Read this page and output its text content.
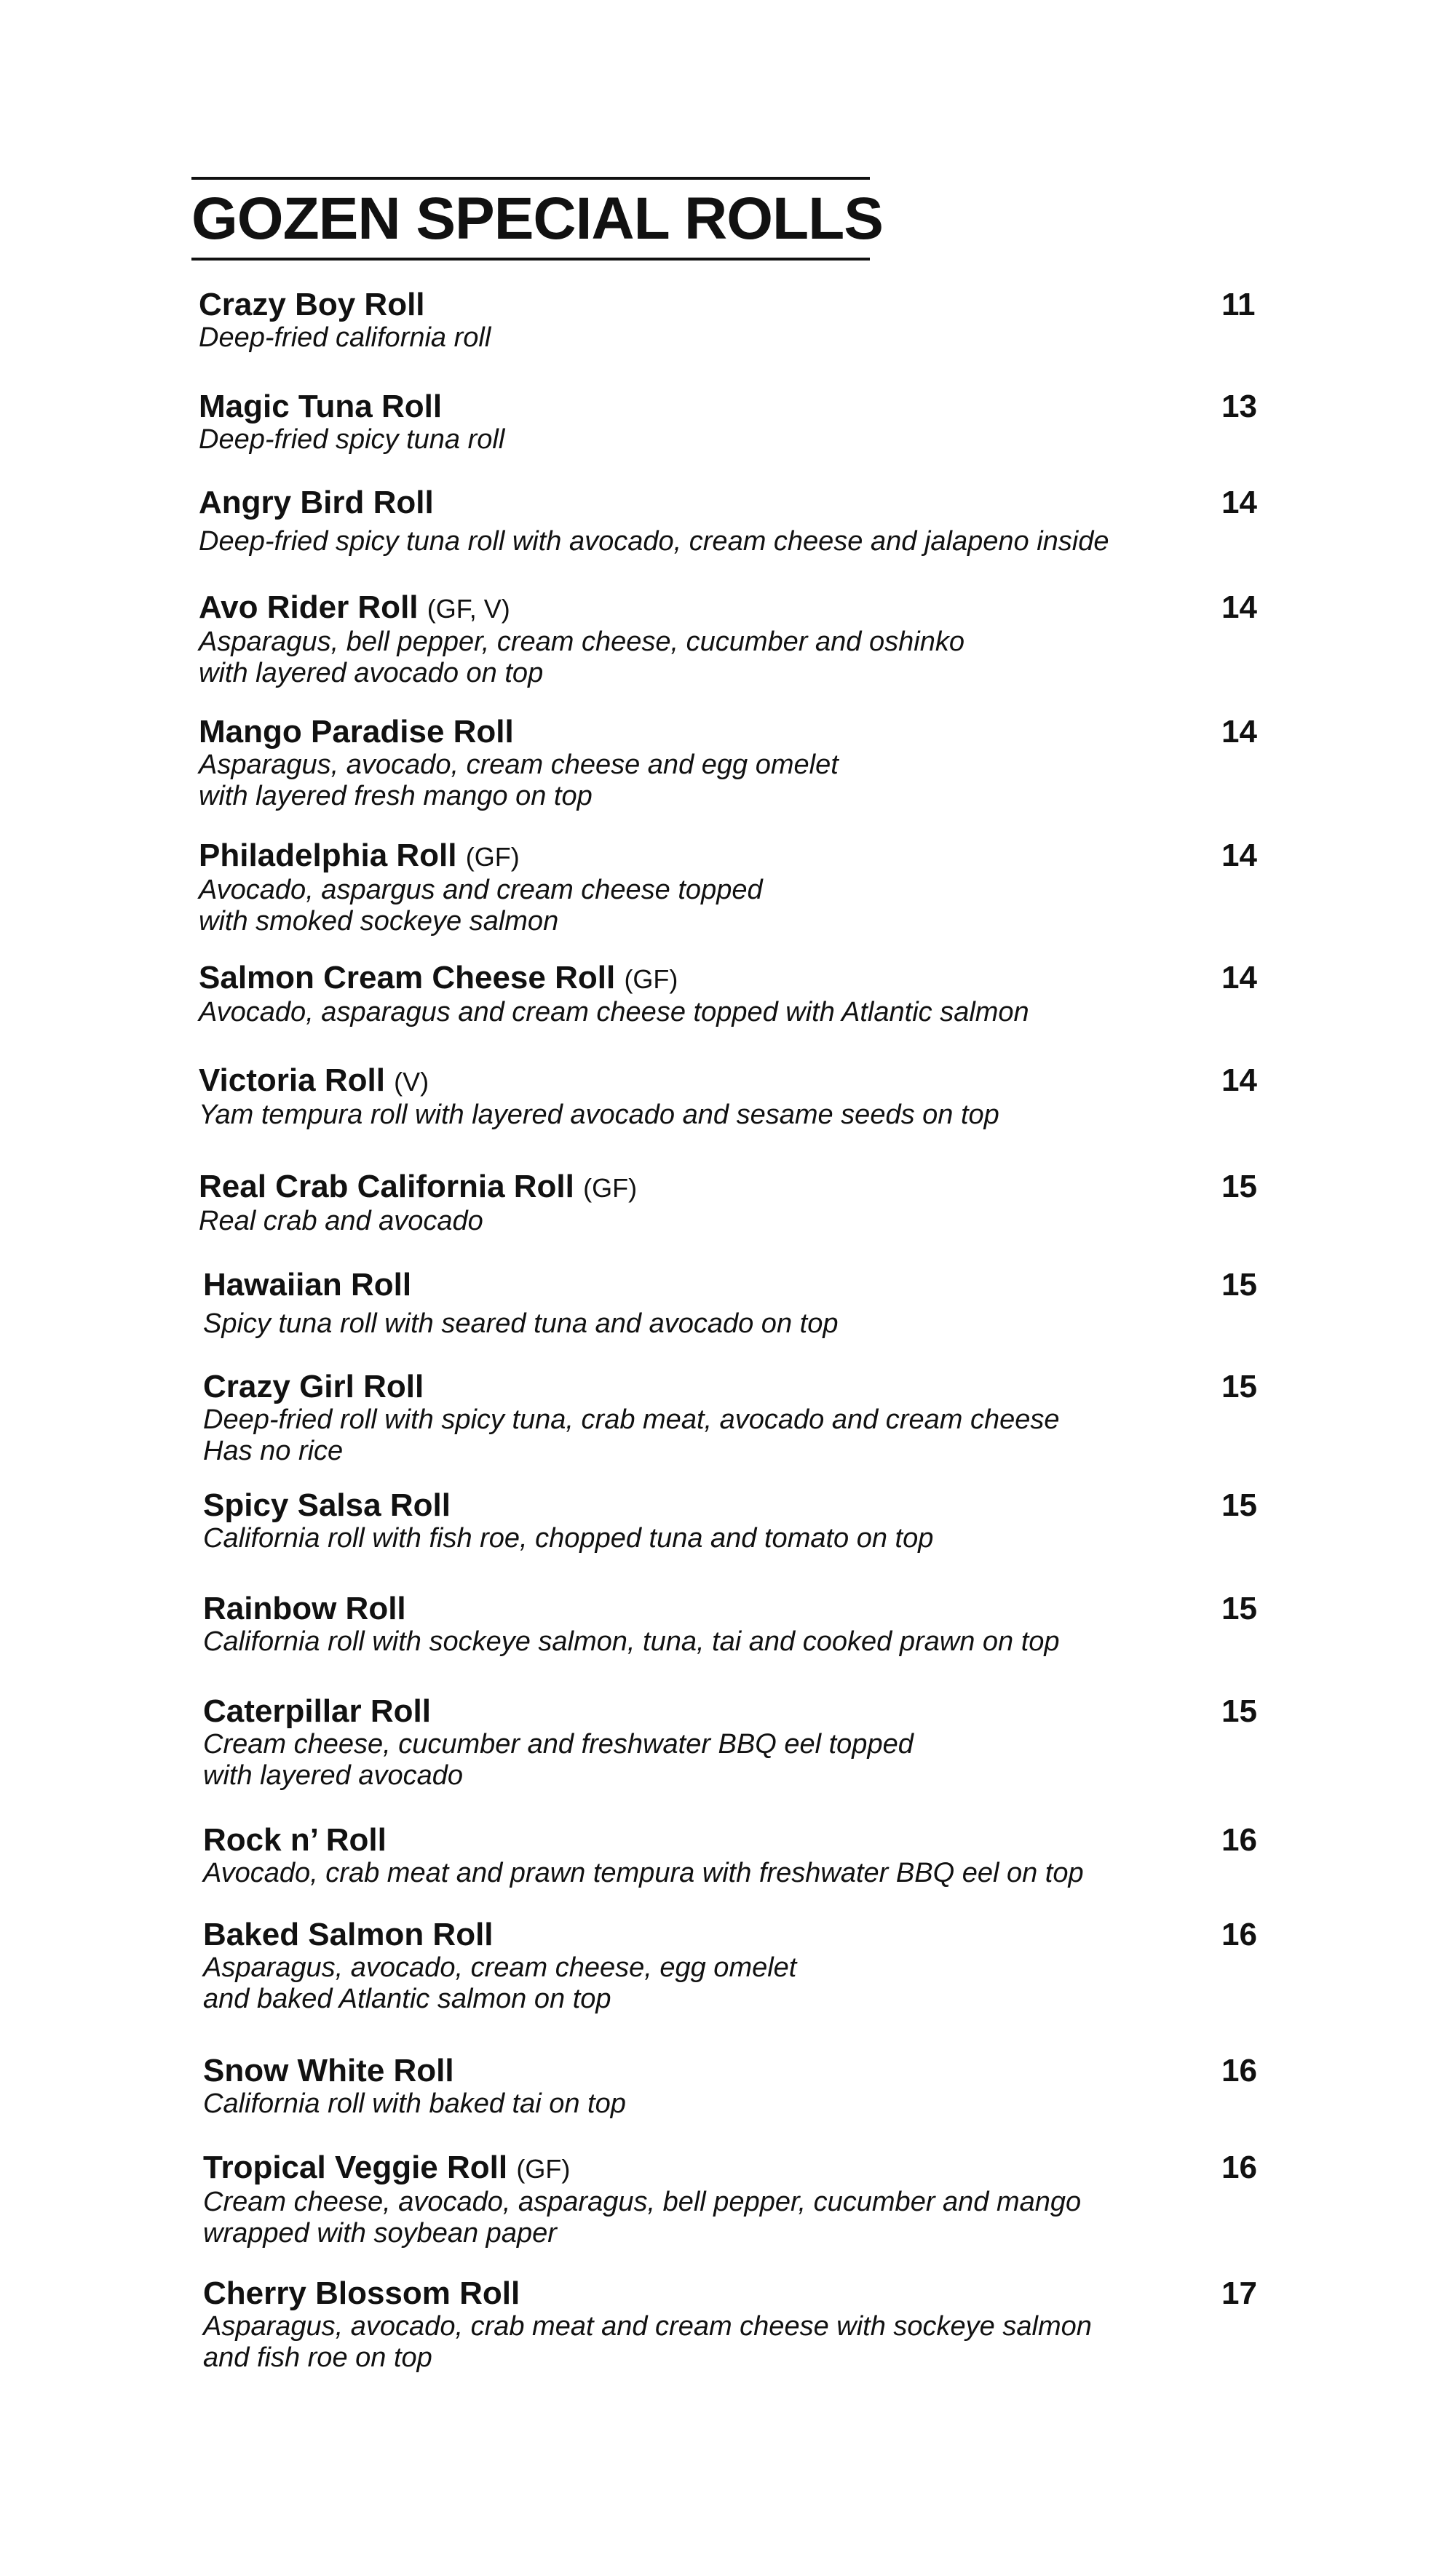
GOZEN SPECIAL ROLLS
Crazy Boy Roll
Deep-fried california roll
11
Magic Tuna Roll
Deep-fried spicy tuna roll
13
Angry Bird Roll
Deep-fried spicy tuna roll with avocado, cream cheese and jalapeno inside
14
Avo Rider Roll (GF, V)
Asparagus, bell pepper, cream cheese, cucumber and oshinko
with layered avocado on top
14
Mango Paradise Roll
Asparagus, avocado, cream cheese and egg omelet
with layered fresh mango on top
14
Philadelphia Roll (GF)
Avocado, aspargus and cream cheese topped
with smoked sockeye salmon
14
Salmon Cream Cheese Roll (GF)
Avocado, asparagus and cream cheese topped with Atlantic salmon
14
Victoria Roll (V)
Yam tempura roll with layered avocado and sesame seeds on top
14
Real Crab California Roll (GF)
Real crab and avocado
15
Hawaiian Roll
Spicy tuna roll with seared tuna and avocado on top
15
Crazy Girl Roll
Deep-fried roll with spicy tuna, crab meat, avocado and cream cheese
Has no rice
15
Spicy Salsa Roll
California roll with fish roe, chopped tuna and tomato on top
15
Rainbow Roll
California roll with sockeye salmon, tuna, tai and cooked prawn on top
15
Caterpillar Roll
Cream cheese, cucumber and freshwater BBQ eel topped
with layered avocado
15
Rock n’ Roll
Avocado, crab meat and prawn tempura with freshwater BBQ eel on top
16
Baked Salmon Roll
Asparagus, avocado, cream cheese, egg omelet
and baked Atlantic salmon on top
16
Snow White Roll
California roll with baked tai on top
16
Tropical Veggie Roll (GF)
Cream cheese, avocado, asparagus, bell pepper, cucumber and mango
wrapped with soybean paper
16
Cherry Blossom Roll
Asparagus, avocado, crab meat and cream cheese with sockeye salmon
and fish roe on top
17
